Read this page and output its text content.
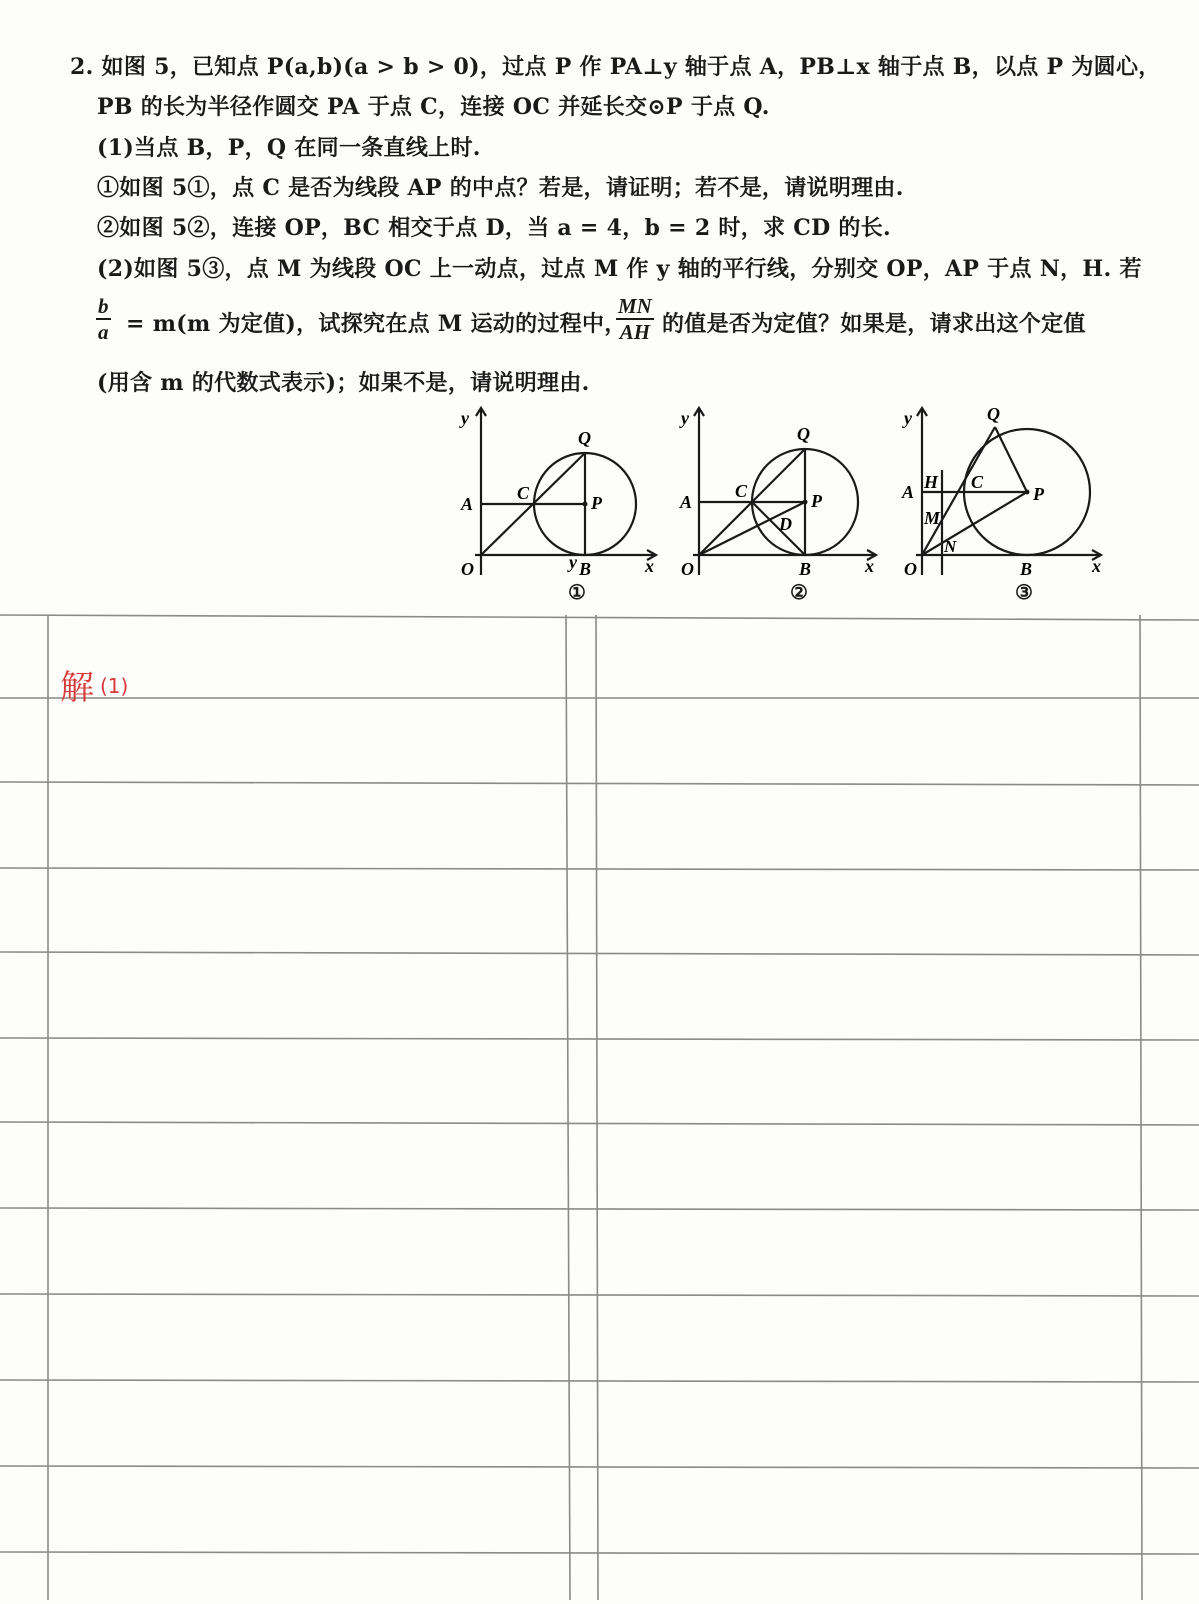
2. 如图 5，已知点 P(a,b)(a > b > 0)，过点 P 作 PA⊥y 轴于点 A，PB⊥x 轴于点 B，以点 P 为圆心，
PB 的长为半径作圆交 PA 于点 C，连接 OC 并延长交⊙P 于点 Q.
(1)当点 B，P，Q 在同一条直线上时.
①如图 5①，点 C 是否为线段 AP 的中点？若是，请证明；若不是，请说明理由.
②如图 5②，连接 OP，BC 相交于点 D，当 a = 4，b = 2 时，求 CD 的长.
(2)如图 5③，点 M 为线段 OC 上一动点，过点 M 作 y 轴的平行线，分别交 OP，AP 于点 N，H. 若
$\frac{b}{a} = m(m$ 为定值)，试探究在点 M 运动的过程中，
$\frac{MN}{AH}$ 的值是否为定值？如果是，请求出这个定值
(用含 m 的代数式表示)；如果不是，请说明理由.
y
y
x
O
A
B
C	P
Q
①
y
x
O
A
B
C	P
Q
D
②
y
x
O
A
B
C
P
Q
H
M
N
③
解 (1)
